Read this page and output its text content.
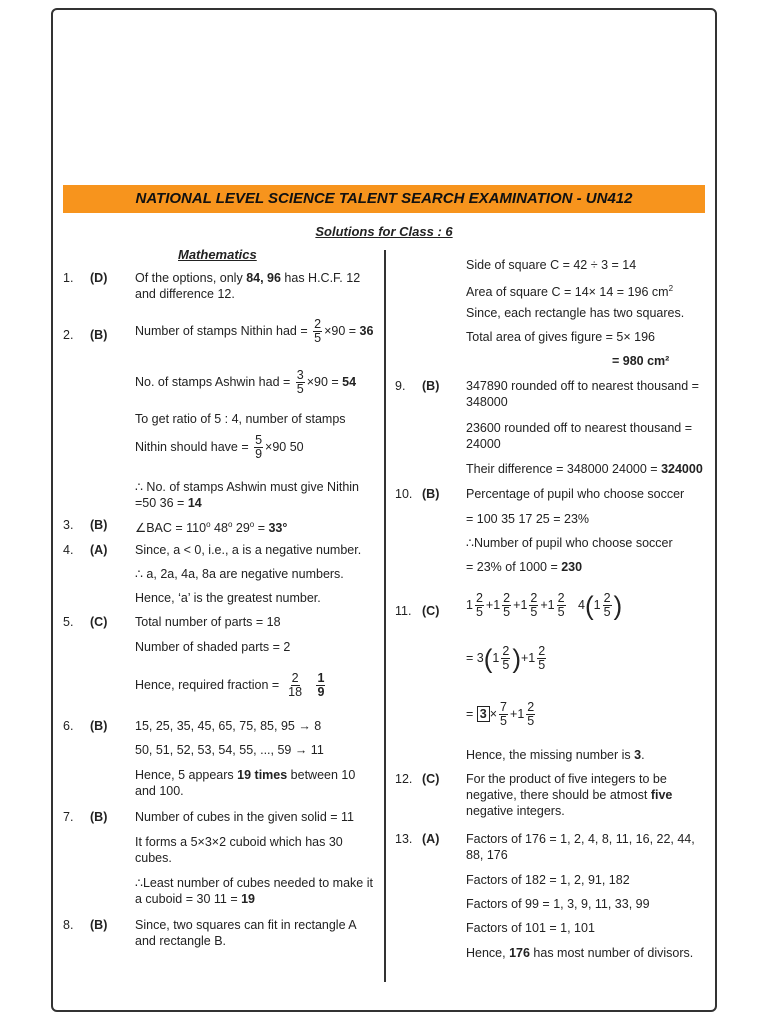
NATIONAL LEVEL SCIENCE TALENT SEARCH EXAMINATION - UN412
Solutions for Class : 6
Mathematics
1. (D) Of the options, only 84, 96 has H.C.F. 12 and difference 12.
2. (B) Number of stamps Nithin had = $\frac{2}{5} \times 90 = 36$
No. of stamps Ashwin had = $\frac{3}{5} \times 90 = 54$
To get ratio of 5 : 4, number of stamps
Nithin should have = $\frac{5}{9} \times 90$ 50
∴ No. of stamps Ashwin must give Nithin
=50 36 = 14
3. (B) ∠BAC = $110^o$ 48$^o$ $29^o = 33^\circ$
4. (A) Since, a < 0, i.e., a is a negative number.
∴ a, 2a, 4a, 8a are negative numbers.
Hence, ‘a’ is the greatest number.
5. (C) Total number of parts = 18
Number of shaded parts = 2
Hence, required fraction = $\frac{2}{18}$
$\frac{1}{9}$
6. (B) 15, 25, 35, 45, 65, 75, 85, 95 → 8
50, 51, 52, 53, 54, 55, ..., 59 → 11
Hence, 5 appears 19 times between 10 and 100.
7. (B) Number of cubes in the given solid = 11
It forms a 5×3×2 cuboid which has 30 cubes.
∴Least number of cubes needed to make it a cuboid = 30 11 = 19
8. (B) Since, two squares can fit in rectangle A and rectangle B.
Side of square C = 42 ÷ 3 = 14
Area of square C = 14× 14 = 196 $cm^2$
Since, each rectangle has two squares.
Total area of gives figure = 5× 196
= 980 cm²
9. (B) 347890 rounded off to nearest thousand = 348000
23600 rounded off to nearest thousand = 24000
Their difference = 348000 24000 = 324000
10. (B) Percentage of pupil who choose soccer
= 100 35 17 25 = 23%
∴Number of pupil who choose soccer
= 23% of 1000 = 230
11. (C) $1 \frac{2}{5} +1 \frac{2}{5} +1 \frac{2}{5} +1 \frac{2}{5} 4(1 \frac{2}{5}$ )
= $3(1 \frac{2}{5} )+1 \frac{2}{5}$
= $3 \times \frac{7}{5} +1 \frac{2}{5}$
Hence, the missing number is 3.
12. (C) For the product of five integers to be negative, there should be atmost five negative integers.
13. (A) Factors of 176 = 1, 2, 4, 8, 11, 16, 22, 44, 88, 176
Factors of 182 = 1, 2, 91, 182
Factors of 99 = 1, 3, 9, 11, 33, 99
Factors of 101 = 1, 101
Hence, 176 has most number of divisors.
